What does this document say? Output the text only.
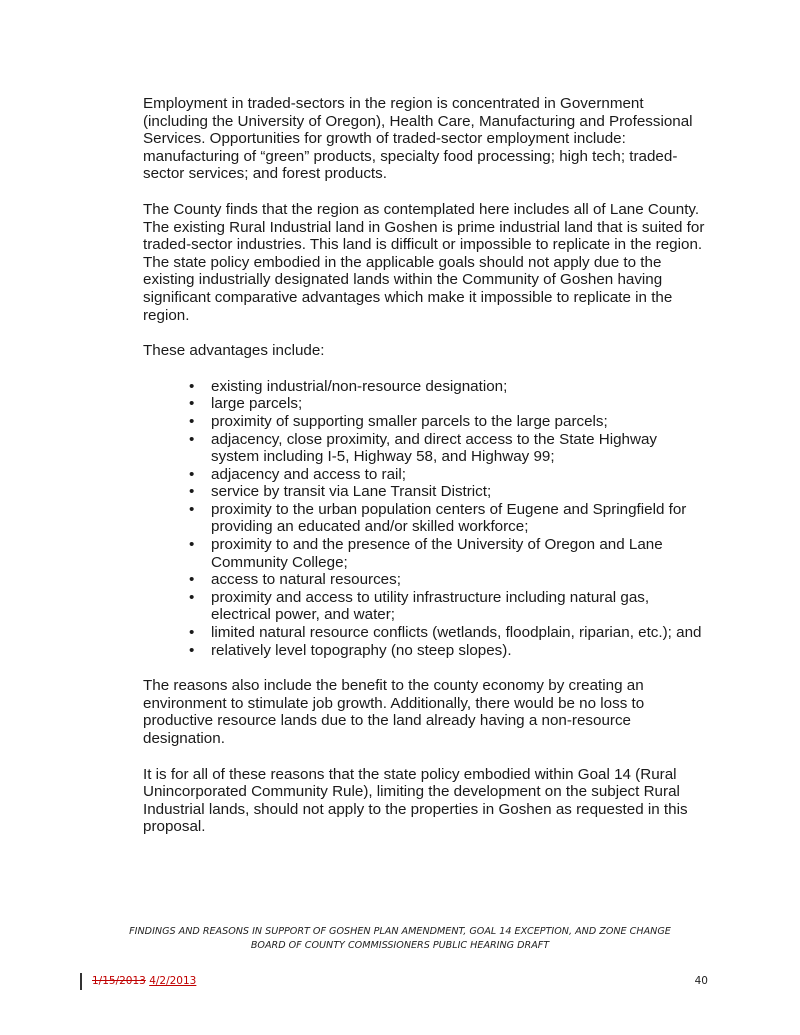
Employment in traded-sectors in the region is concentrated in Government (including the University of Oregon), Health Care, Manufacturing and Professional Services. Opportunities for growth of traded-sector employment include: manufacturing of “green” products, specialty food processing; high tech; traded-sector services; and forest products.

The County finds that the region as contemplated here includes all of Lane County. The existing Rural Industrial land in Goshen is prime industrial land that is suited for traded-sector industries. This land is difficult or impossible to replicate in the region. The state policy embodied in the applicable goals should not apply due to the existing industrially designated lands within the Community of Goshen having significant comparative advantages which make it impossible to replicate in the region.

These advantages include:

• existing industrial/non-resource designation;
• large parcels;
• proximity of supporting smaller parcels to the large parcels;
• adjacency, close proximity, and direct access to the State Highway system including I-5, Highway 58, and Highway 99;
• adjacency and access to rail;
• service by transit via Lane Transit District;
• proximity to the urban population centers of Eugene and Springfield for providing an educated and/or skilled workforce;
• proximity to and the presence of the University of Oregon and Lane Community College;
• access to natural resources;
• proximity and access to utility infrastructure including natural gas, electrical power, and water;
• limited natural resource conflicts (wetlands, floodplain, riparian, etc.); and
• relatively level topography (no steep slopes).

The reasons also include the benefit to the county economy by creating an environment to stimulate job growth. Additionally, there would be no loss to productive resource lands due to the land already having a non-resource designation.

It is for all of these reasons that the state policy embodied within Goal 14 (Rural Unincorporated Community Rule), limiting the development on the subject Rural Industrial lands, should not apply to the properties in Goshen as requested in this proposal.

FINDINGS AND REASONS IN SUPPORT OF GOSHEN PLAN AMENDMENT, GOAL 14 EXCEPTION, AND ZONE CHANGE
BOARD OF COUNTY COMMISSIONERS PUBLIC HEARING DRAFT
1/15/2013 4/2/2013	40
